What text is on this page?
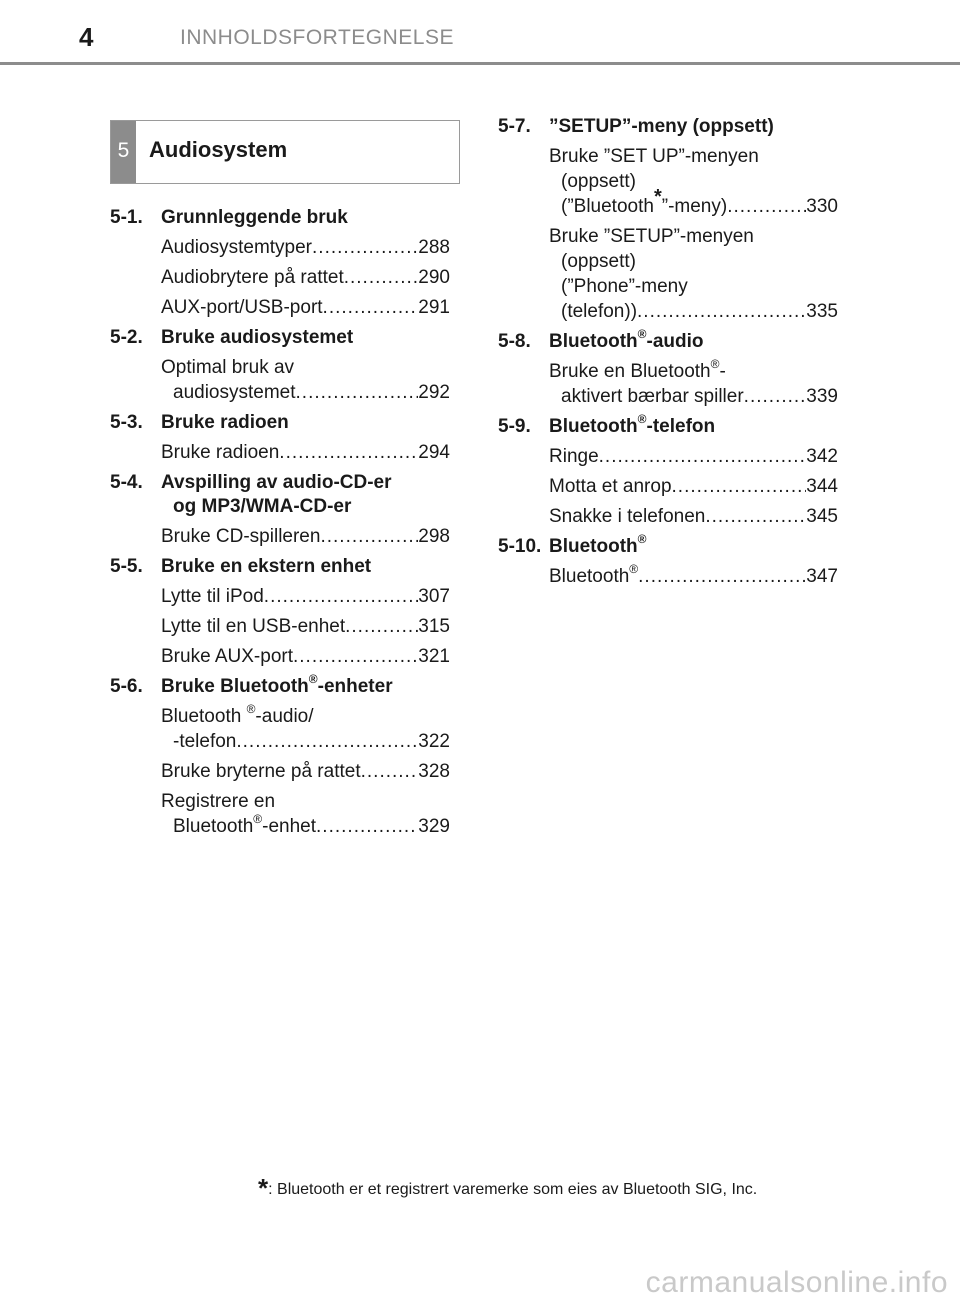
4	INNHOLDSFORTEGNELSE
5 Audiosystem
5-1. Grunnleggende bruk
Audiosystemtyper .....	288
Audiobrytere på rattet .....	290
AUX-port/USB-port .....	291
5-2. Bruke audiosystemet
Optimal bruk av
audiosystemet .....	292
5-3. Bruke radioen
Bruke radioen .....	294
5-4. Avspilling av audio-CD-er
og MP3/WMA-CD-er
Bruke CD-spilleren .....	298
5-5. Bruke en ekstern enhet
Lytte til iPod .....	307
Lytte til en USB-enhet .....	315
Bruke AUX-port .....	321
5-6. Bruke Bluetooth®-enheter
Bluetooth ®-audio/
-telefon .....	322
Bruke bryterne på rattet .....	328
Registrere en
Bluetooth®-enhet .....	329
5-7. ”SETUP”-meny (oppsett)
Bruke ”SET UP”-menyen
(oppsett)
(”Bluetooth*”-meny) .....	330
Bruke ”SETUP”-menyen
(oppsett)
(”Phone”-meny
(telefon)) .....	335
5-8. Bluetooth®-audio
Bruke en Bluetooth®-
aktivert bærbar spiller .....	339
5-9. Bluetooth®-telefon
Ringe .....	342
Motta et anrop .....	344
Snakke i telefonen .....	345
5-10. Bluetooth®
Bluetooth® .....	347
*: Bluetooth er et registrert varemerke som eies av Bluetooth SIG, Inc.
carmanualsonline.info
